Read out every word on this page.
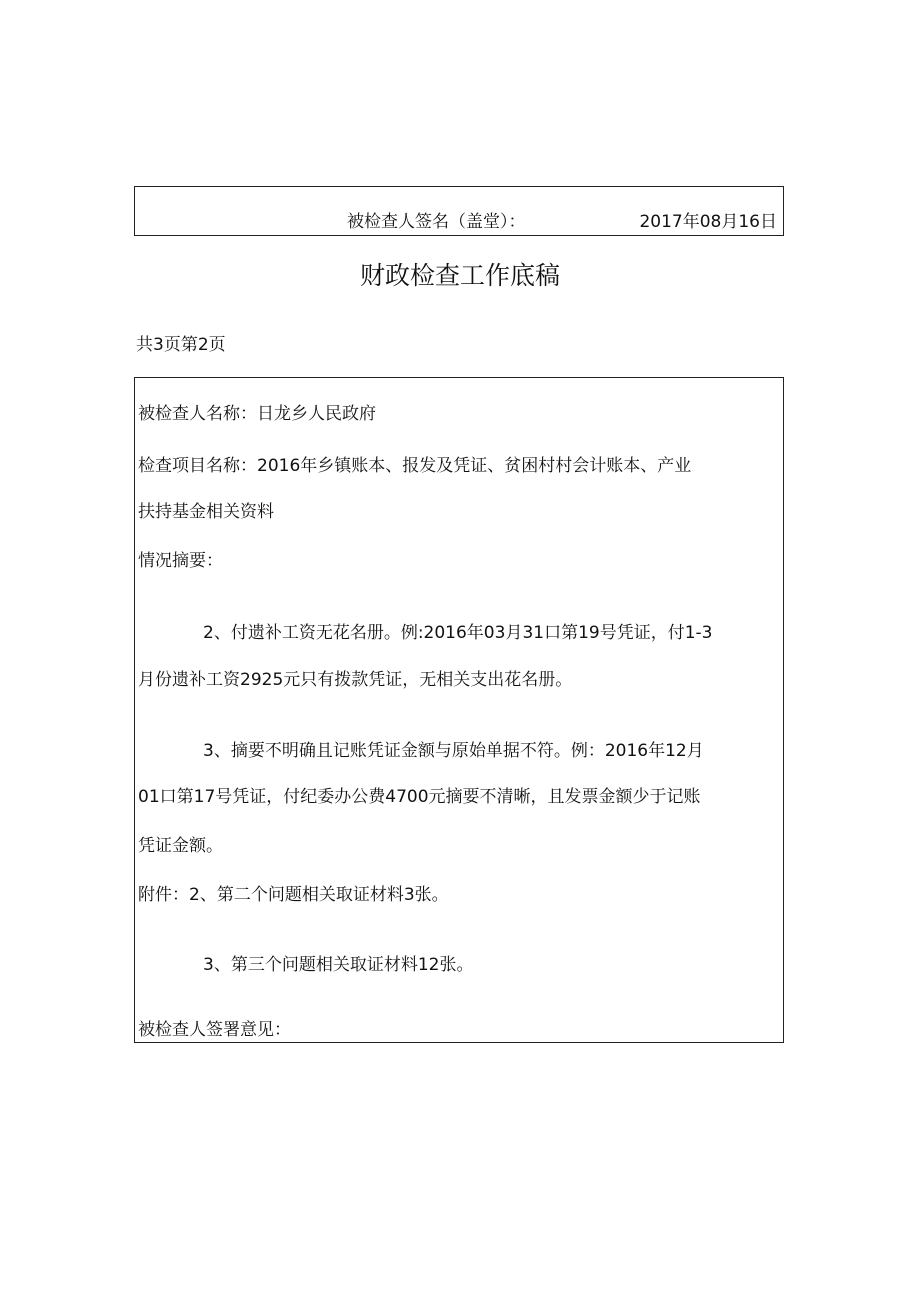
被检查人签名（盖堂）：	2017年08月16日
财政检查工作底稿
共3页第2页
被检查人名称：日龙乡人民政府
检查项目名称：2016年乡镇账本、报发及凭证、贫困村村会计账本、产业
扶持基金相关资料
情况摘要：
2、付遗补工资无花名册。例:2016年03月31口第19号凭证，付1-3
月份遗补工资2925元只有拨款凭证，无相关支出花名册。
3、摘要不明确且记账凭证金额与原始单据不符。例：2016年12月
01口第17号凭证，付纪委办公费4700元摘要不清晰，且发票金额少于记账
凭证金额。
附件：2、第二个问题相关取证材料3张。
3、第三个问题相关取证材料12张。
被检查人签署意见：
